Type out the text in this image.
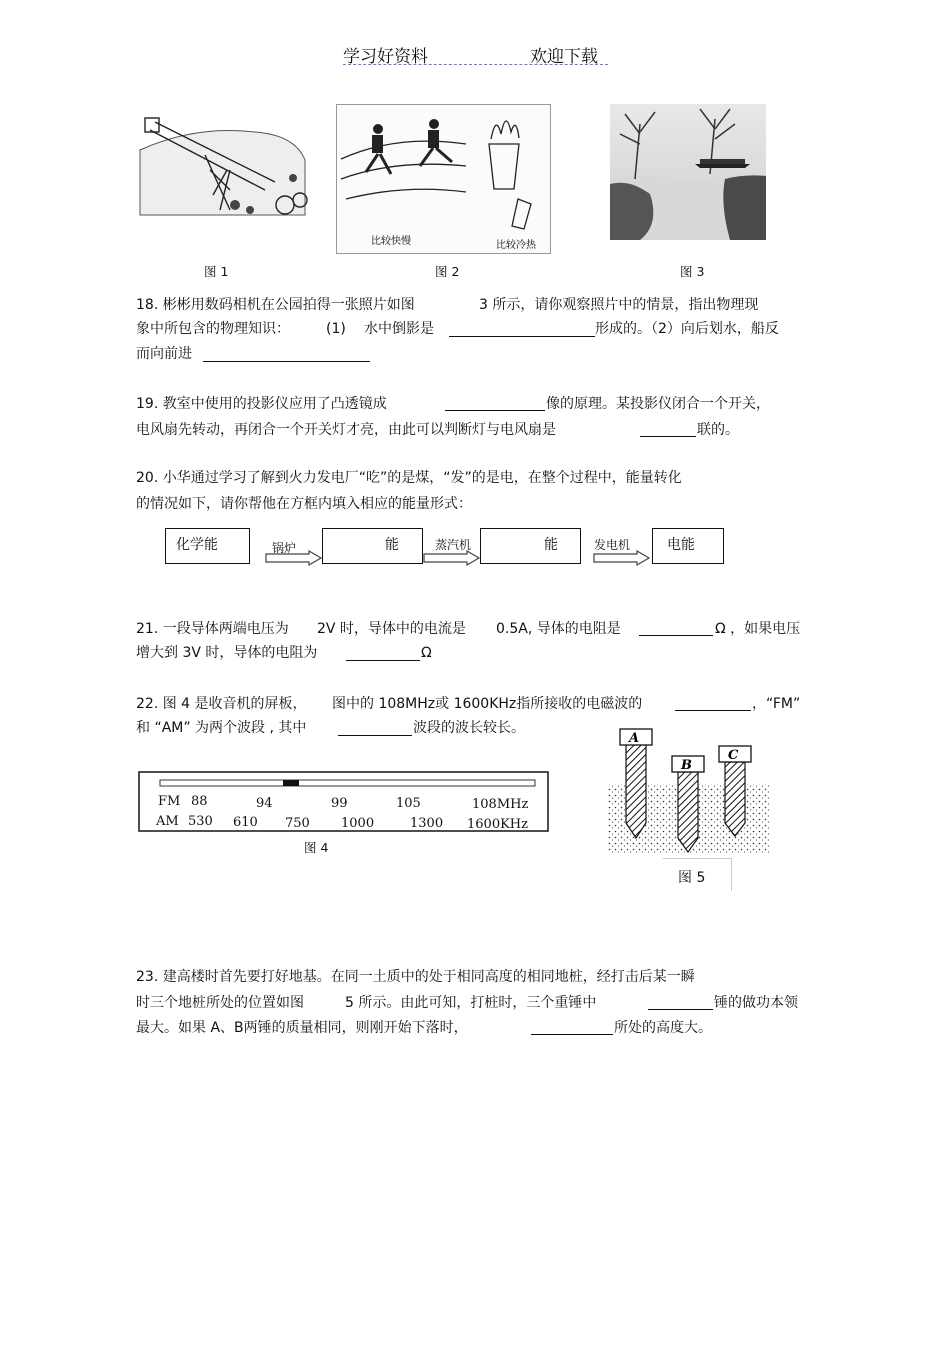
学习好资料	欢迎下载
图 1
比较快慢	比较冷热
图 2	图 3
18. 彬彬用数码相机在公园拍得一张照片如图	3 所示，请你观察照片中的情景，指出物理现
象中所包含的物理知识：	(1) 水中倒影是	形成的。（2）向后划水，船反
而向前进
19. 教室中使用的投影仪应用了凸透镜成	像的原理。某投影仪闭合一个开关，
电风扇先转动，再闭合一个开关灯才亮，由此可以判断灯与电风扇是	联的。
20. 小华通过学习了解到火力发电厂“吃”的是煤，“发”的是电，在整个过程中，能量转化
的情况如下，请你帮他在方框内填入相应的能量形式：
化学能	锅炉	能	蒸汽机	能	发电机	电能
21. 一段导体两端电压为 2V 时，导体中的电流是 0.5A, 导体的电阻是	Ω ，如果电压
增大到 3V 时，导体的电阻为	Ω
22. 图 4 是收音机的屏板， 图中的 108MHz或 1600KHz指所接收的电磁波的	，“FM”
和 “AM” 为两个波段 , 其中	波段的波长较长。
FM 88	94	99	105	108MHz
AM 530 610 750 1000	1300 1600KHz
图 4
A
B
C
图 5
23. 建高楼时首先要打好地基。在同一土质中的处于相同高度的相同地桩，经打击后某一瞬
时三个地桩所处的位置如图	5 所示。由此可知，打桩时，三个重锤中	锤的做功本领
最大。如果 A、B两锤的质量相同，则刚开始下落时，	所处的高度大。
